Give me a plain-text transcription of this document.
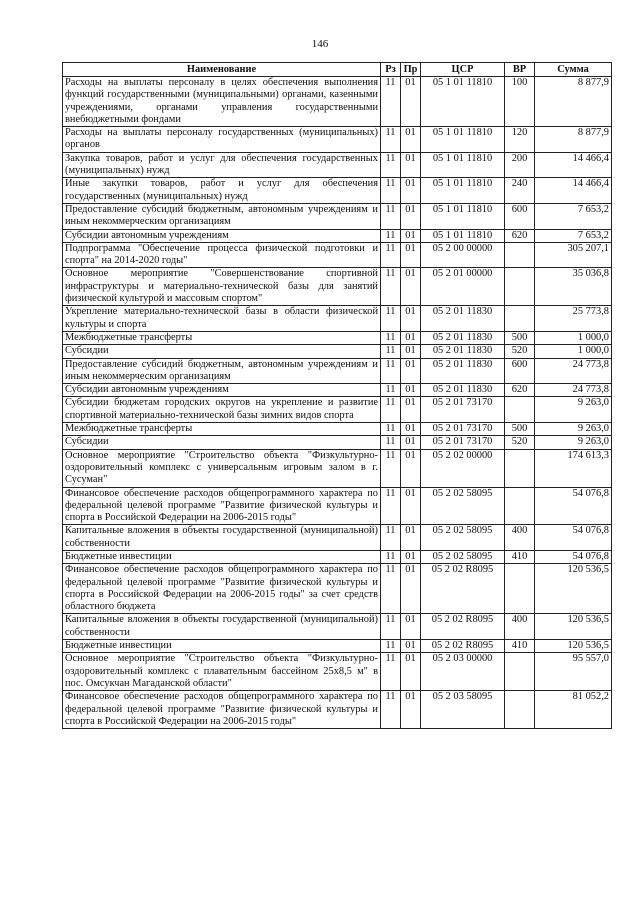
146
Наименование	Рз	Пр	ЦСР	ВР	Сумма
Расходы на выплаты персоналу в целях обеспечения выполнения функций государственными (муниципальными) органами, казенными учреждениями, органами управления государственными внебюджетными фондами	11	01	05 1 01 11810	100	8 877,9
Расходы на выплаты персоналу государственных (муниципальных) органов	11	01	05 1 01 11810	120	8 877,9
Закупка товаров, работ и услуг для обеспечения государственных (муниципальных) нужд	11	01	05 1 01 11810	200	14 466,4
Иные закупки товаров, работ и услуг для обеспечения государственных (муниципальных) нужд	11	01	05 1 01 11810	240	14 466,4
Предоставление субсидий бюджетным, автономным учреждениям и иным некоммерческим организациям	11	01	05 1 01 11810	600	7 653,2
Субсидии автономным учреждениям	11	01	05 1 01 11810	620	7 653,2
Подпрограмма "Обеспечение процесса физической подготовки и спорта" на 2014-2020 годы"	11	01	05 2 00 00000		305 207,1
Основное мероприятие "Совершенствование спортивной инфраструктуры и материально-технической базы для занятий физической культурой и массовым спортом"	11	01	05 2 01 00000		35 036,8
Укрепление материально-технической базы в области физической культуры и спорта	11	01	05 2 01 11830		25 773,8
Межбюджетные трансферты	11	01	05 2 01 11830	500	1 000,0
Субсидии	11	01	05 2 01 11830	520	1 000,0
Предоставление субсидий бюджетным, автономным учреждениям и иным некоммерческим организациям	11	01	05 2 01 11830	600	24 773,8
Субсидии автономным учреждениям	11	01	05 2 01 11830	620	24 773,8
Субсидии бюджетам городских округов на укрепление и развитие спортивной материально-технической базы зимних видов спорта	11	01	05 2 01 73170		9 263,0
Межбюджетные трансферты	11	01	05 2 01 73170	500	9 263,0
Субсидии	11	01	05 2 01 73170	520	9 263,0
Основное мероприятие "Строительство объекта "Физкультурно-оздоровительный комплекс с универсальным игровым залом в г. Сусуман"	11	01	05 2 02 00000		174 613,3
Финансовое обеспечение расходов общепрограммного характера по федеральной целевой программе "Развитие физической культуры и спорта в Российской Федерации на 2006-2015 годы"	11	01	05 2 02 58095		54 076,8
Капитальные вложения в объекты государственной (муниципальной) собственности	11	01	05 2 02 58095	400	54 076,8
Бюджетные инвестиции	11	01	05 2 02 58095	410	54 076,8
Финансовое обеспечение расходов общепрограммного характера по федеральной целевой программе "Развитие физической культуры и спорта в Российской Федерации на 2006-2015 годы" за счет средств областного бюджета	11	01	05 2 02 R8095		120 536,5
Капитальные вложения в объекты государственной (муниципальной) собственности	11	01	05 2 02 R8095	400	120 536,5
Бюджетные инвестиции	11	01	05 2 02 R8095	410	120 536,5
Основное мероприятие "Строительство объекта "Физкультурно-оздоровительный комплекс с плавательным бассейном 25х8,5 м" в пос. Омсукчан Магаданской области"	11	01	05 2 03 00000		95 557,0
Финансовое обеспечение расходов общепрограммного характера по федеральной целевой программе "Развитие физической культуры и спорта в Российской Федерации на 2006-2015 годы"	11	01	05 2 03 58095		81 052,2
